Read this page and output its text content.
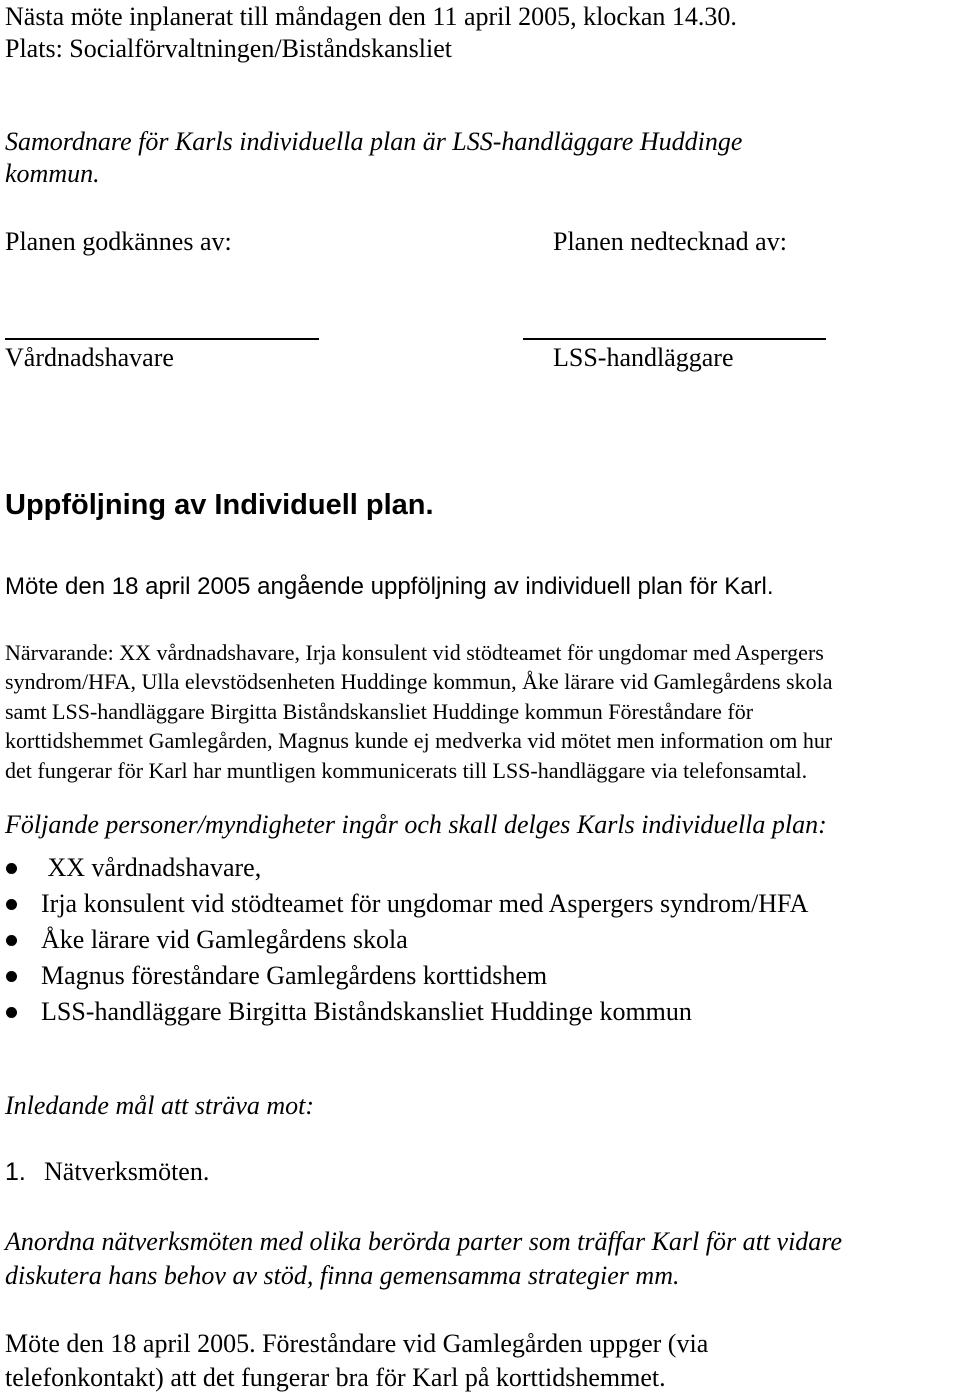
Nästa möte inplanerat till måndagen den 11 april 2005, klockan 14.30.

Plats: Socialförvaltningen/Biståndskansliet

Samordnare för Karls individuella plan är LSS-handläggare Huddinge

kommun.

Planen godkännes av:	Planen nedtecknad av:

Vårdnadshavare	LSS-handläggare

Uppföljning av Individuell plan.

Möte den 18 april 2005 angående uppföljning av individuell plan för Karl.

Närvarande: XX vårdnadshavare, Irja konsulent vid stödteamet för ungdomar med Aspergers
syndrom/HFA, Ulla elevstödsenheten Huddinge kommun, Åke lärare vid Gamlegårdens skola
samt LSS-handläggare Birgitta Biståndskansliet Huddinge kommun Föreståndare för
korttidshemmet Gamlegården, Magnus kunde ej medverka vid mötet men information om hur
det fungerar för Karl har muntligen kommunicerats till LSS-handläggare via telefonsamtal.

Följande personer/myndigheter ingår och skall delges Karls individuella plan:

XX vårdnadshavare,
Irja konsulent vid stödteamet för ungdomar med Aspergers syndrom/HFA
Åke lärare vid Gamlegårdens skola
Magnus föreståndare Gamlegårdens korttidshem
LSS-handläggare Birgitta Biståndskansliet Huddinge kommun

Inledande mål att sträva mot:

1. Nätverksmöten.

Anordna nätverksmöten med olika berörda parter som träffar Karl för att vidare
diskutera hans behov av stöd, finna gemensamma strategier mm.
Möte den 18 april 2005. Föreståndare vid Gamlegården uppger (via
telefonkontakt) att det fungerar bra för Karl på korttidshemmet.
